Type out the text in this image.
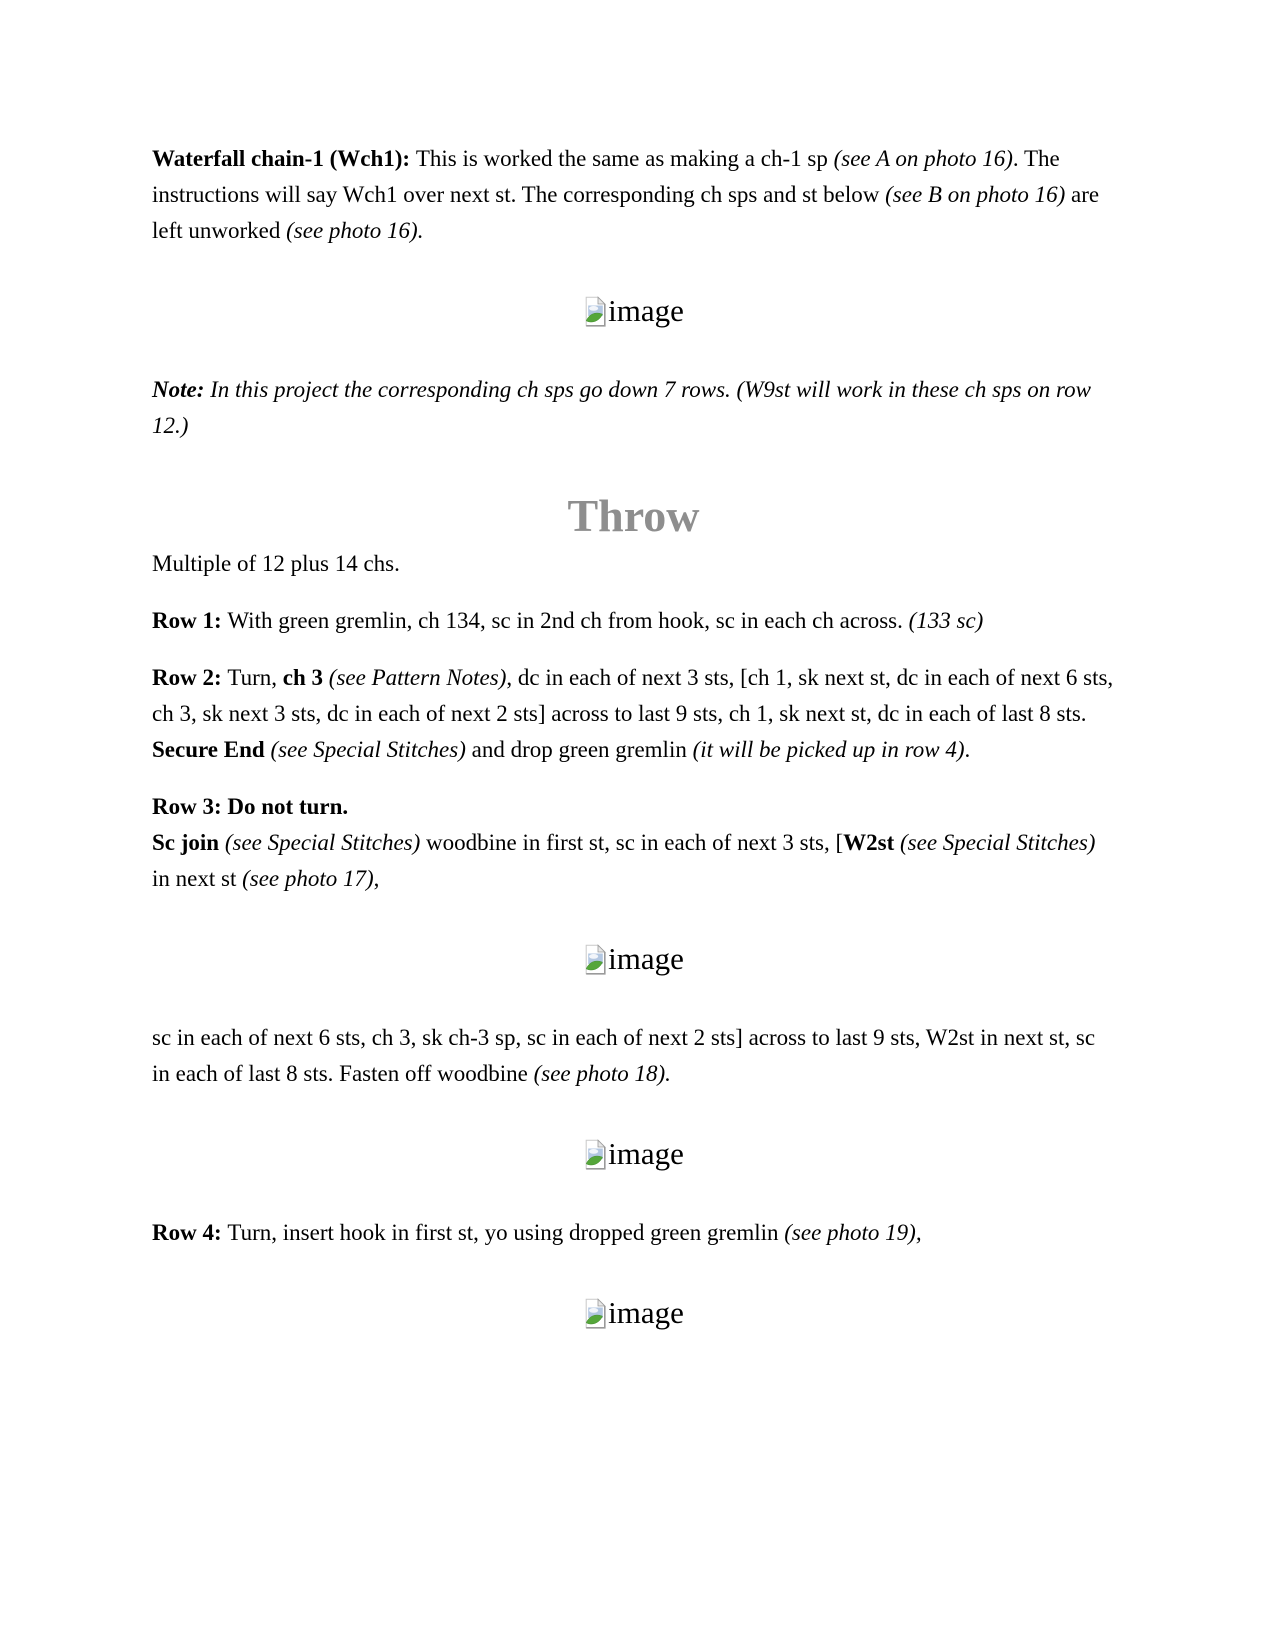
Waterfall chain-1 (Wch1): This is worked the same as making a ch-1 sp (see A on photo 16). The instructions will say Wch1 over next st. The corresponding ch sps and st below (see B on photo 16) are left unworked (see photo 16).

image

Note: In this project the corresponding ch sps go down 7 rows. (W9st will work in these ch sps on row 12.)

Throw

Multiple of 12 plus 14 chs.

Row 1: With green gremlin, ch 134, sc in 2nd ch from hook, sc in each ch across. (133 sc)

Row 2: Turn, ch 3 (see Pattern Notes), dc in each of next 3 sts, [ch 1, sk next st, dc in each of next 6 sts, ch 3, sk next 3 sts, dc in each of next 2 sts] across to last 9 sts, ch 1, sk next st, dc in each of last 8 sts. Secure End (see Special Stitches) and drop green gremlin (it will be picked up in row 4).

Row 3: Do not turn.
Sc join (see Special Stitches) woodbine in first st, sc in each of next 3 sts, [W2st (see Special Stitches) in next st (see photo 17),

image

sc in each of next 6 sts, ch 3, sk ch-3 sp, sc in each of next 2 sts] across to last 9 sts, W2st in next st, sc in each of last 8 sts. Fasten off woodbine (see photo 18).

image

Row 4: Turn, insert hook in first st, yo using dropped green gremlin (see photo 19),

image
